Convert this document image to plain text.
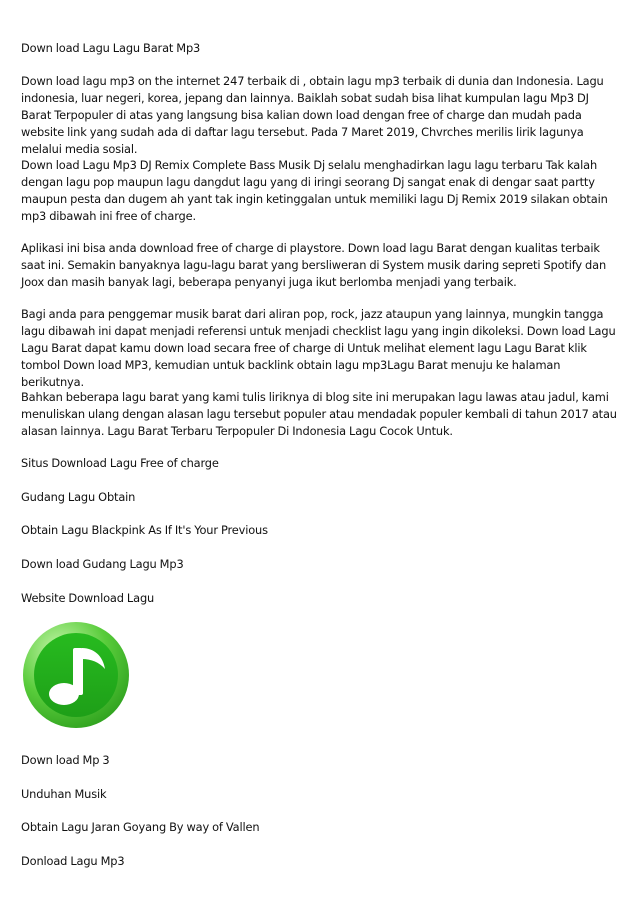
Down load Lagu Lagu Barat Mp3

Down load lagu mp3 on the internet 247 terbaik di , obtain lagu mp3 terbaik di dunia dan Indonesia. Lagu indonesia, luar negeri, korea, jepang dan lainnya. Baiklah sobat sudah bisa lihat kumpulan lagu Mp3 DJ Barat Terpopuler di atas yang langsung bisa kalian down load dengan free of charge dan mudah pada website link yang sudah ada di daftar lagu tersebut. Pada 7 Maret 2019, Chvrches merilis lirik lagunya melalui media sosial.

Down load Lagu Mp3 DJ Remix Complete Bass Musik Dj selalu menghadirkan lagu lagu terbaru Tak kalah dengan lagu pop maupun lagu dangdut lagu yang di iringi seorang Dj sangat enak di dengar saat partty maupun pesta dan dugem ah yant tak ingin ketinggalan untuk memiliki lagu Dj Remix 2019 silakan obtain mp3 dibawah ini free of charge.

Aplikasi ini bisa anda download free of charge di playstore. Down load lagu Barat dengan kualitas terbaik saat ini. Semakin banyaknya lagu-lagu barat yang bersliweran di System musik daring sepreti Spotify dan Joox dan masih banyak lagi, beberapa penyanyi juga ikut berlomba menjadi yang terbaik.

Bagi anda para penggemar musik barat dari aliran pop, rock, jazz ataupun yang lainnya, mungkin tangga lagu dibawah ini dapat menjadi referensi untuk menjadi checklist lagu yang ingin dikoleksi. Down load Lagu Lagu Barat dapat kamu down load secara free of charge di Untuk melihat element lagu Lagu Barat klik tombol Down load MP3, kemudian untuk backlink obtain lagu mp3Lagu Barat menuju ke halaman berikutnya.

Bahkan beberapa lagu barat yang kami tulis liriknya di blog site ini merupakan lagu lawas atau jadul, kami menuliskan ulang dengan alasan lagu tersebut populer atau mendadak populer kembali di tahun 2017 atau alasan lainnya. Lagu Barat Terbaru Terpopuler Di Indonesia Lagu Cocok Untuk.

Situs Download Lagu Free of charge

Gudang Lagu Obtain

Obtain Lagu Blackpink As If It's Your Previous

Down load Gudang Lagu Mp3

Website Download Lagu

Down load Mp 3

Unduhan Musik

Obtain Lagu Jaran Goyang By way of Vallen

Donload Lagu Mp3
